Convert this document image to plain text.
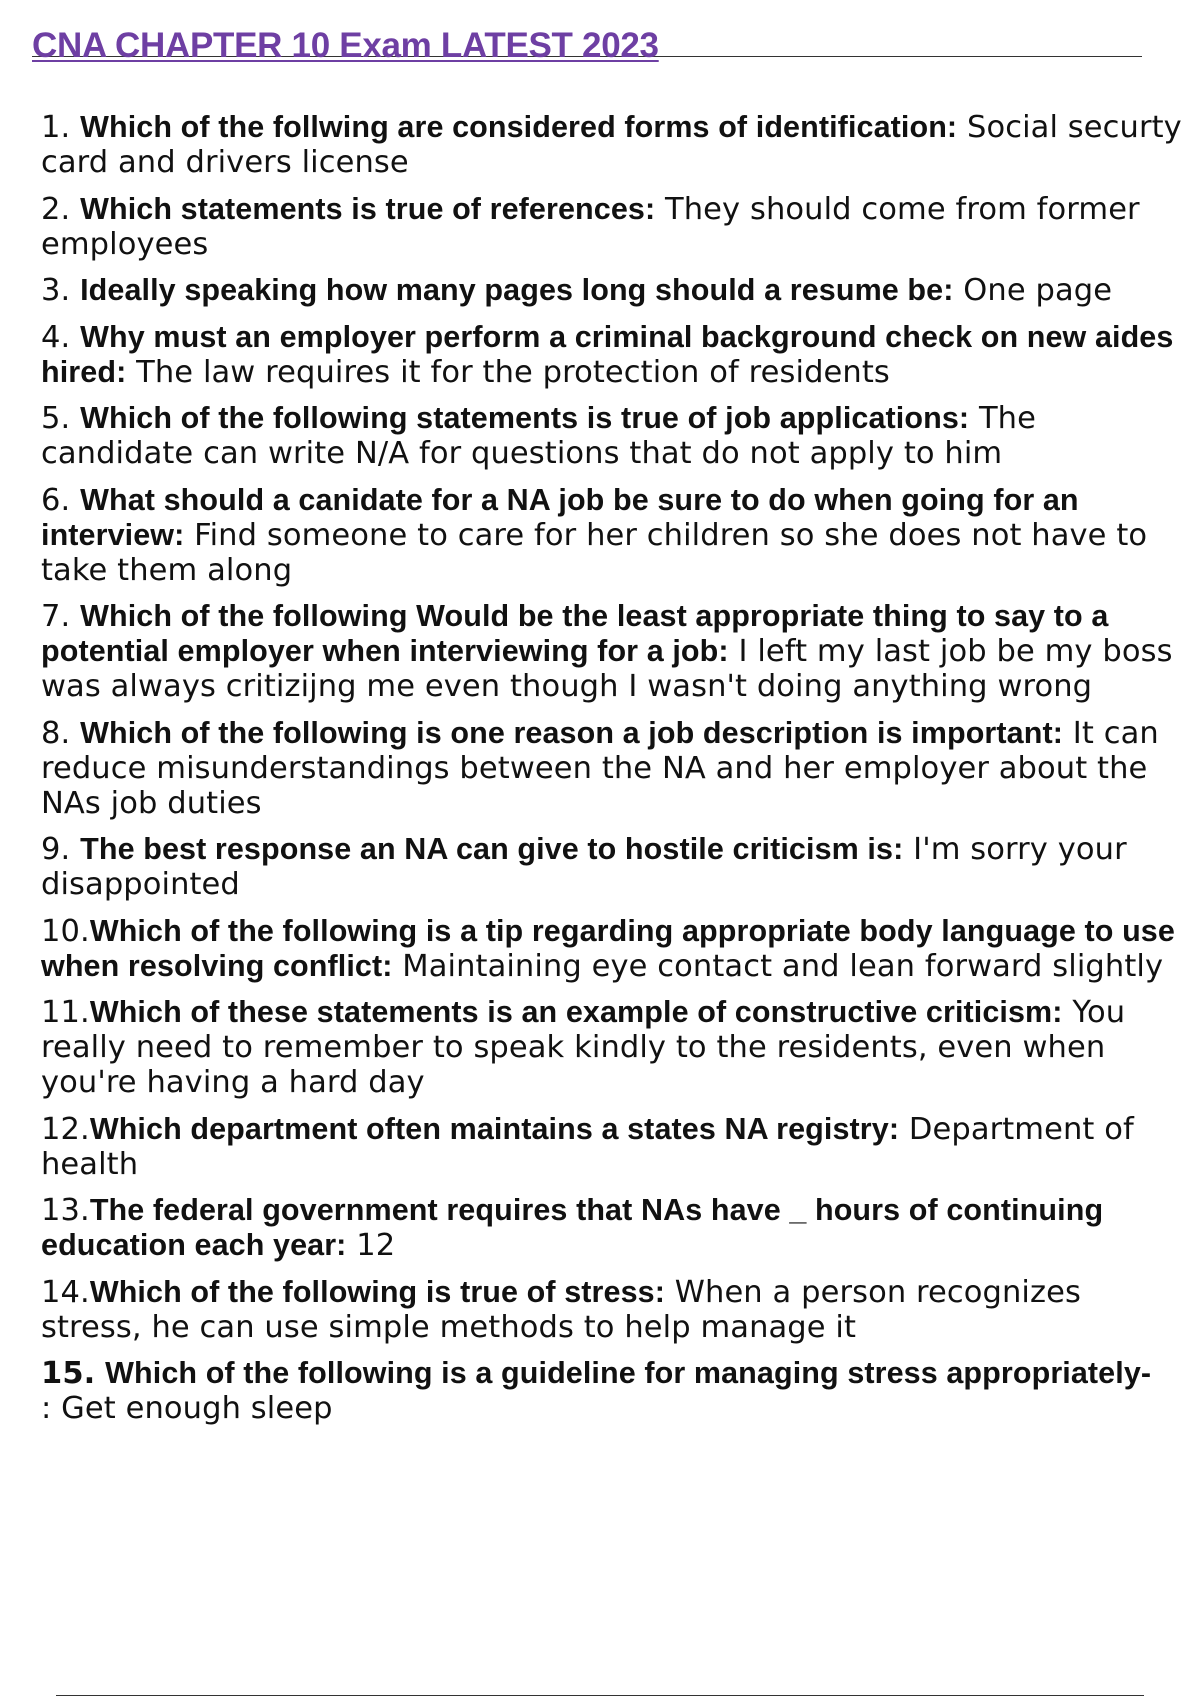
CNA CHAPTER 10 Exam LATEST 2023
1. Which of the follwing are considered forms of identification: Social securty card and drivers license
2. Which statements is true of references: They should come from former employees
3. Ideally speaking how many pages long should a resume be: One page
4. Why must an employer perform a criminal background check on new aides hired: The law requires it for the protection of residents
5. Which of the following statements is true of job applications: The candidate can write N/A for questions that do not apply to him
6. What should a canidate for a NA job be sure to do when going for an interview: Find someone to care for her children so she does not have to take them along
7. Which of the following Would be the least appropriate thing to say to a potential employer when interviewing for a job: I left my last job be my boss was always critizijng me even though I wasn't doing anything wrong
8. Which of the following is one reason a job description is important: It can reduce misunderstandings between the NA and her employer about the NAs job duties
9. The best response an NA can give to hostile criticism is: I'm sorry your disappointed
10.Which of the following is a tip regarding appropriate body language to use when resolving conflict: Maintaining eye contact and lean forward slightly
11.Which of these statements is an example of constructive criticism: You really need to remember to speak kindly to the residents, even when you're having a hard day
12.Which department often maintains a states NA registry: Department of health
13.The federal government requires that NAs have _ hours of continuing education each year: 12
14.Which of the following is true of stress: When a person recognizes stress, he can use simple methods to help manage it
15. Which of the following is a guideline for managing stress appropriately-
: Get enough sleep
